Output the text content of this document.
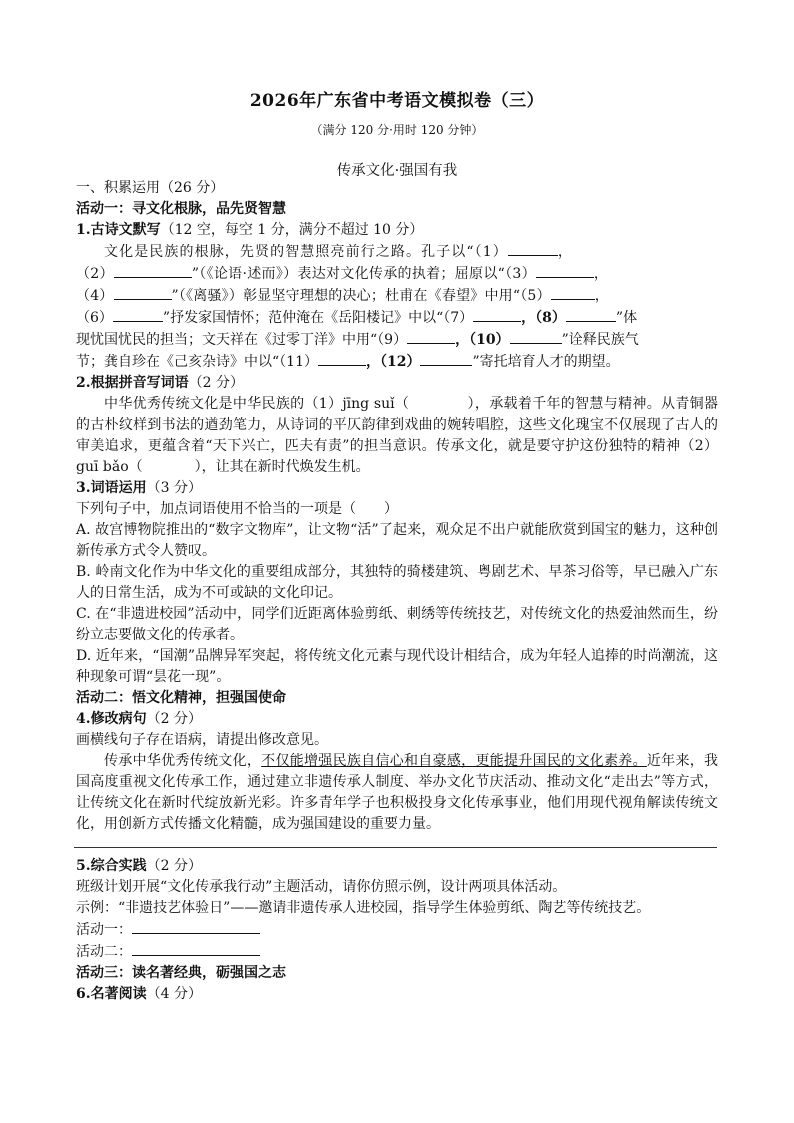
2026年广东省中考语文模拟卷（三）
（满分 120 分·用时 120 分钟）
传承文化·强国有我

一、积累运用（26 分）

活动一：寻文化根脉，品先贤智慧

1.古诗文默写（12 空，每空 1 分，满分不超过 10 分）

文化是民族的根脉，先贤的智慧照亮前行之路。孔子以“（1）	，

（2）	”（《论语·述而》）表达对文化传承的执着；屈原以“（3）	，

（4）	”（《离骚》）彰显坚守理想的决心；杜甫在《春望》中用“（5）	，

（6）	”抒发家国情怀；范仲淹在《岳阳楼记》中以“（7）	，（8）	”体

现忧国忧民的担当；文天祥在《过零丁洋》中用“（9）	，（10）	”诠释民族气

节；龚自珍在《己亥杂诗》中以“（11）	，（12）	”寄托培育人才的期望。

2.根据拼音写词语（2 分）

中华优秀传统文化是中华民族的（1）jīng suǐ（	），承载着千年的智慧与精神。从青铜器的古朴纹样到书法的遒劲笔力，从诗词的平仄韵律到戏曲的婉转唱腔，这些文化瑰宝不仅展现了古人的审美追求，更蕴含着“天下兴亡，匹夫有责”的担当意识。传承文化，就是要守护这份独特的精神（2）guī bǎo（	），让其在新时代焕发生机。

3.词语运用（3 分）

下列句子中，加点词语使用不恰当的一项是（　　）

A. 故宫博物院推出的“数字文物库”，让文物“活”了起来，观众足不出户就能欣赏到国宝的魅力，这种创新传承方式令人赞叹。

B. 岭南文化作为中华文化的重要组成部分，其独特的骑楼建筑、粤剧艺术、早茶习俗等，早已融入广东人的日常生活，成为不可或缺的文化印记。

C. 在“非遗进校园”活动中，同学们近距离体验剪纸、刺绣等传统技艺，对传统文化的热爱油然而生，纷纷立志要做文化的传承者。

D. 近年来，“国潮”品牌异军突起，将传统文化元素与现代设计相结合，成为年轻人追捧的时尚潮流，这种现象可谓“昙花一现”。

活动二：悟文化精神，担强国使命

4.修改病句（2 分）

画横线句子存在语病，请提出修改意见。

传承中华优秀传统文化，不仅能增强民族自信心和自豪感，更能提升国民的文化素养。近年来，我国高度重视文化传承工作，通过建立非遗传承人制度、举办文化节庆活动、推动文化“走出去”等方式，让传统文化在新时代绽放新光彩。许多青年学子也积极投身文化传承事业，他们用现代视角解读传统文化，用创新方式传播文化精髓，成为强国建设的重要力量。

5.综合实践（2 分）

班级计划开展“文化传承我行动”主题活动，请你仿照示例，设计两项具体活动。

示例：“非遗技艺体验日”——邀请非遗传承人进校园，指导学生体验剪纸、陶艺等传统技艺。

活动一：

活动二：

活动三：读名著经典，砺强国之志

6.名著阅读（4 分）
